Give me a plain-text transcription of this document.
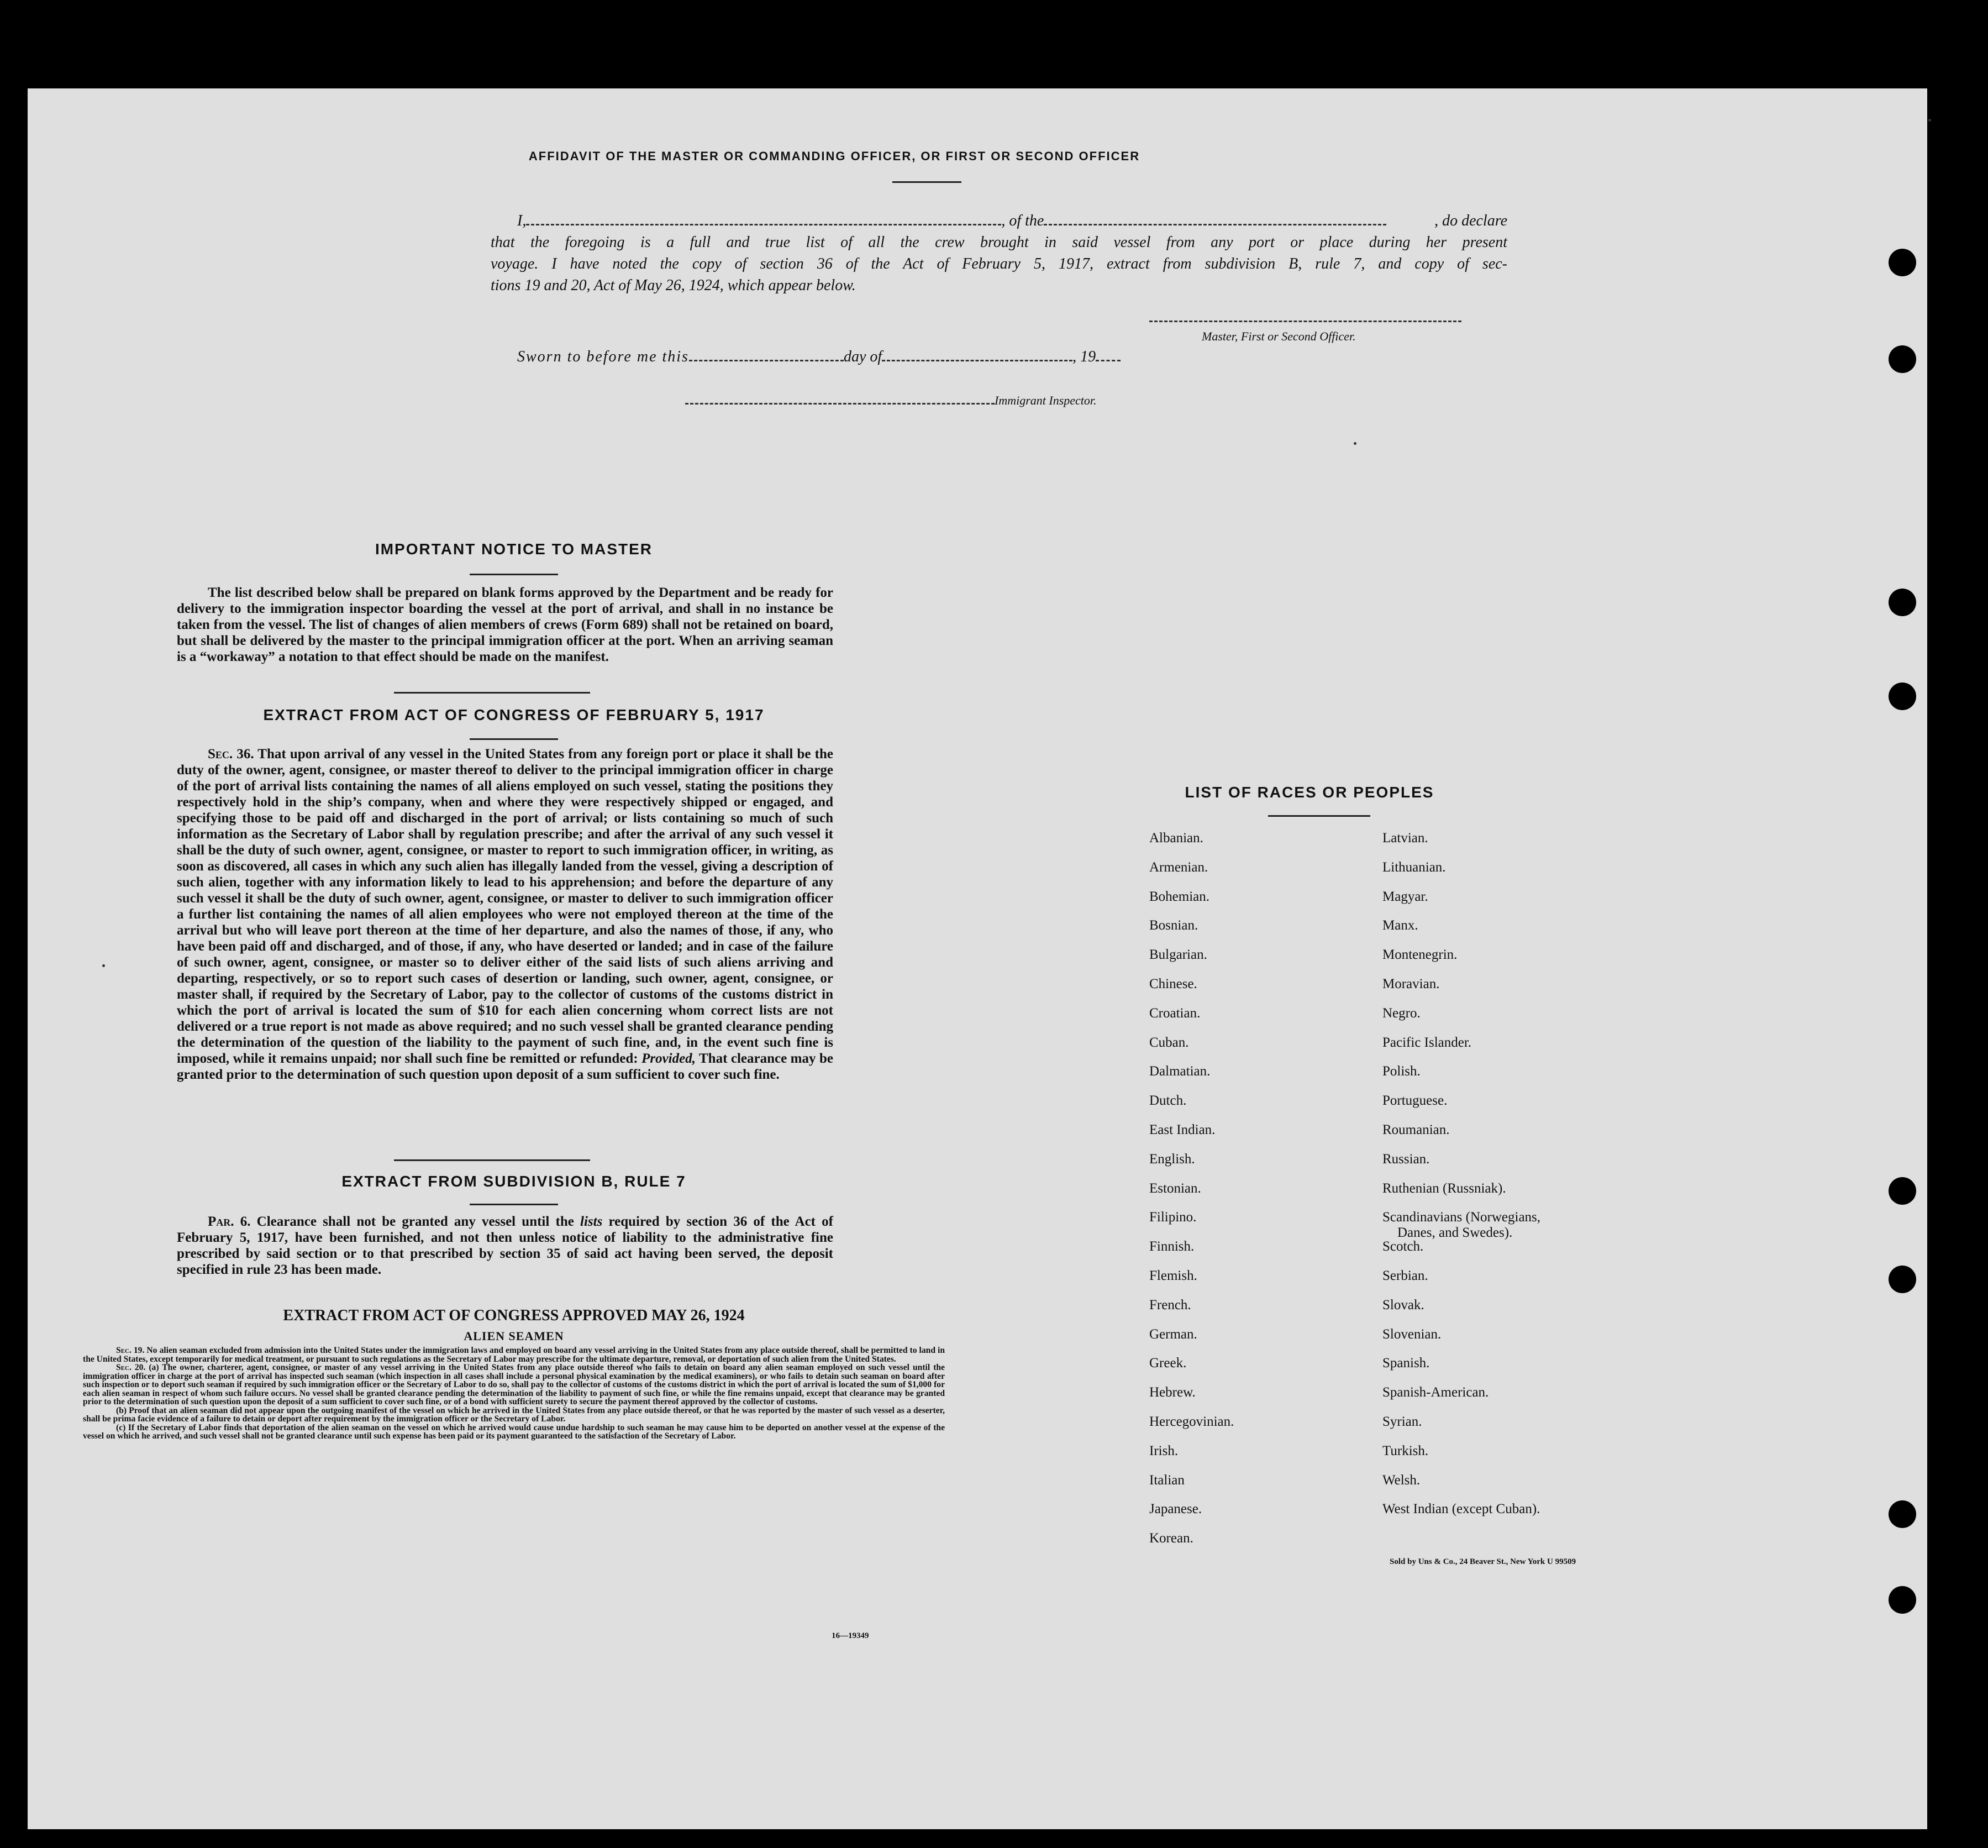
AFFIDAVIT OF THE MASTER OR COMMANDING OFFICER, OR FIRST OR SECOND OFFICER
I,	, of the	, do declare
that the foregoing is a full and true list of all the crew brought in said vessel from any port or place during her present
voyage. I have noted the copy of section 36 of the Act of February 5, 1917, extract from subdivision B, rule 7, and copy of sec-
tions 19 and 20, Act of May 26, 1924, which appear below.
Master, First or Second Officer.
Sworn to before me this	day of	, 19
Immigrant Inspector.
IMPORTANT NOTICE TO MASTER
The list described below shall be prepared on blank forms approved by the Department and be ready for delivery to the immigration inspector boarding the vessel at the port of arrival, and shall in no instance be taken from the vessel. The list of changes of alien members of crews (Form 689) shall not be retained on board, but shall be delivered by the master to the principal immigration officer at the port. When an arriving seaman is a “workaway” a notation to that effect should be made on the manifest.
EXTRACT FROM ACT OF CONGRESS OF FEBRUARY 5, 1917
Sec. 36. That upon arrival of any vessel in the United States from any foreign port or place it shall be the duty of the owner, agent, consignee, or master thereof to deliver to the principal immigration officer in charge of the port of arrival lists containing the names of all aliens employed on such vessel, stating the positions they respectively hold in the ship’s company, when and where they were respectively shipped or engaged, and specifying those to be paid off and discharged in the port of arrival; or lists containing so much of such information as the Secretary of Labor shall by regulation prescribe; and after the arrival of any such vessel it shall be the duty of such owner, agent, consignee, or master to report to such immigration officer, in writing, as soon as discovered, all cases in which any such alien has illegally landed from the vessel, giving a description of such alien, together with any information likely to lead to his apprehension; and before the departure of any such vessel it shall be the duty of such owner, agent, consignee, or master to deliver to such immigration officer a further list containing the names of all alien employees who were not employed thereon at the time of the arrival but who will leave port thereon at the time of her departure, and also the names of those, if any, who have been paid off and discharged, and of those, if any, who have deserted or landed; and in case of the failure of such owner, agent, consignee, or master so to deliver either of the said lists of such aliens arriving and departing, respectively, or so to report such cases of desertion or landing, such owner, agent, consignee, or master shall, if required by the Secretary of Labor, pay to the collector of customs of the customs district in which the port of arrival is located the sum of $10 for each alien concerning whom correct lists are not delivered or a true report is not made as above required; and no such vessel shall be granted clearance pending the determination of the question of the liability to the payment of such fine, and, in the event such fine is imposed, while it remains unpaid; nor shall such fine be remitted or refunded: Provided, That clearance may be granted prior to the determination of such question upon deposit of a sum sufficient to cover such fine.
EXTRACT FROM SUBDIVISION B, RULE 7
Par. 6. Clearance shall not be granted any vessel until the lists required by section 36 of the Act of February 5, 1917, have been furnished, and not then unless notice of liability to the administrative fine prescribed by said section or to that prescribed by section 35 of said act having been served, the deposit specified in rule 23 has been made.
EXTRACT FROM ACT OF CONGRESS APPROVED MAY 26, 1924
ALIEN SEAMEN
Sec. 19. No alien seaman excluded from admission into the United States under the immigration laws and employed on board any vessel arriving in the United States from any place outside thereof, shall be permitted to land in the United States, except temporarily for medical treatment, or pursuant to such regulations as the Secretary of Labor may prescribe for the ultimate departure, removal, or deportation of such alien from the United States.
Sec. 20. (a) The owner, charterer, agent, consignee, or master of any vessel arriving in the United States from any place outside thereof who fails to detain on board any alien seaman employed on such vessel until the immigration officer in charge at the port of arrival has inspected such seaman (which inspection in all cases shall include a personal physical examination by the medical examiners), or who fails to detain such seaman on board after such inspection or to deport such seaman if required by such immigration officer or the Secretary of Labor to do so, shall pay to the collector of customs of the customs district in which the port of arrival is located the sum of $1,000 for each alien seaman in respect of whom such failure occurs. No vessel shall be granted clearance pending the determination of the liability to payment of such fine, or while the fine remains unpaid, except that clearance may be granted prior to the determination of such question upon the deposit of a sum sufficient to cover such fine, or of a bond with sufficient surety to secure the payment thereof approved by the collector of customs.
(b) Proof that an alien seaman did not appear upon the outgoing manifest of the vessel on which he arrived in the United States from any place outside thereof, or that he was reported by the master of such vessel as a deserter, shall be prima facie evidence of a failure to detain or deport after requirement by the immigration officer or the Secretary of Labor.
(c) If the Secretary of Labor finds that deportation of the alien seaman on the vessel on which he arrived would cause undue hardship to such seaman he may cause him to be deported on another vessel at the expense of the vessel on which he arrived, and such vessel shall not be granted clearance until such expense has been paid or its payment guaranteed to the satisfaction of the Secretary of Labor.
16—19349
LIST OF RACES OR PEOPLES
Sold by Uns & Co., 24 Beaver St., New York U 99509
Albanian.
Armenian.
Bohemian.
Bosnian.
Bulgarian.
Chinese.
Croatian.
Cuban.
Dalmatian.
Dutch.
East Indian.
English.
Estonian.
Filipino.
Finnish.
Flemish.
French.
German.
Greek.
Hebrew.
Hercegovinian.
Irish.
Italian
Japanese.
Korean.
Latvian.
Lithuanian.
Magyar.
Manx.
Montenegrin.
Moravian.
Negro.
Pacific Islander.
Polish.
Portuguese.
Roumanian.
Russian.
Ruthenian (Russniak).
Scandinavians (Norwegians,
Danes, and Swedes).
Scotch.
Serbian.
Slovak.
Slovenian.
Spanish.
Spanish-American.
Syrian.
Turkish.
Welsh.
West Indian (except Cuban).
